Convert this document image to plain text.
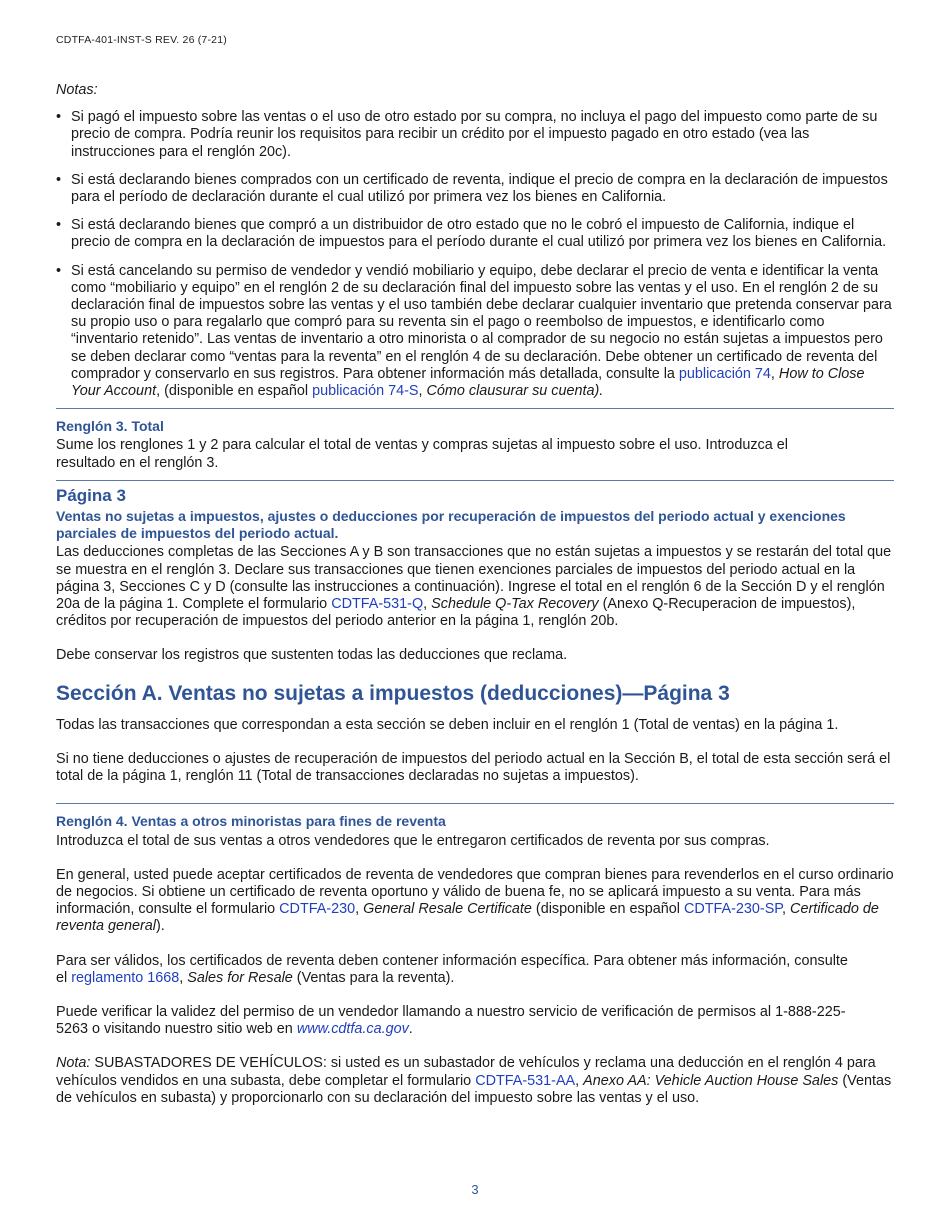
CDTFA-401-INST-S REV. 26 (7-21)

Notas:

• Si pagó el impuesto sobre las ventas o el uso de otro estado por su compra, no incluya el pago del impuesto como parte de su precio de compra. Podría reunir los requisitos para recibir un crédito por el impuesto pagado en otro estado (vea las instrucciones para el renglón 20c).
• Si está declarando bienes comprados con un certificado de reventa, indique el precio de compra en la declaración de impuestos para el período de declaración durante el cual utilizó por primera vez los bienes en California.
• Si está declarando bienes que compró a un distribuidor de otro estado que no le cobró el impuesto de California, indique el precio de compra en la declaración de impuestos para el período durante el cual utilizó por primera vez los bienes en California.
• Si está cancelando su permiso de vendedor y vendió mobiliario y equipo, debe declarar el precio de venta e identificar la venta como “mobiliario y equipo” en el renglón 2 de su declaración final del impuesto sobre las ventas y el uso. En el renglón 2 de su declaración final de impuestos sobre las ventas y el uso también debe declarar cualquier inventario que pretenda conservar para su propio uso o para regalarlo que compró para su reventa sin el pago o reembolso de impuestos, e identificarlo como “inventario retenido”. Las ventas de inventario a otro minorista o al comprador de su negocio no están sujetas a impuestos pero se deben declarar como “ventas para la reventa” en el renglón 4 de su declaración. Debe obtener un certificado de reventa del comprador y conservarlo en sus registros. Para obtener información más detallada, consulte la publicación 74, How to Close Your Account, (disponible en español publicación 74-S, Cómo clausurar su cuenta).

Renglón 3. Total

Sume los renglones 1 y 2 para calcular el total de ventas y compras sujetas al impuesto sobre el uso. Introduzca el resultado en el renglón 3.

Página 3

Ventas no sujetas a impuestos, ajustes o deducciones por recuperación de impuestos del periodo actual y exenciones parciales de impuestos del periodo actual.

Las deducciones completas de las Secciones A y B son transacciones que no están sujetas a impuestos y se restarán del total que se muestra en el renglón 3. Declare sus transacciones que tienen exenciones parciales de impuestos del periodo actual en la página 3, Secciones C y D (consulte las instrucciones a continuación). Ingrese el total en el renglón 6 de la Sección D y el renglón 20a de la página 1. Complete el formulario CDTFA-531-Q, Schedule Q-Tax Recovery (Anexo Q-Recuperacion de impuestos), créditos por recuperación de impuestos del periodo anterior en la página 1, renglón 20b.

Debe conservar los registros que sustenten todas las deducciones que reclama.

Sección A. Ventas no sujetas a impuestos (deducciones)—Página 3

Todas las transacciones que correspondan a esta sección se deben incluir en el renglón 1 (Total de ventas) en la página 1.

Si no tiene deducciones o ajustes de recuperación de impuestos del periodo actual en la Sección B, el total de esta sección será el total de la página 1, renglón 11 (Total de transacciones declaradas no sujetas a impuestos).

Renglón 4. Ventas a otros minoristas para fines de reventa

Introduzca el total de sus ventas a otros vendedores que le entregaron certificados de reventa por sus compras.

En general, usted puede aceptar certificados de reventa de vendedores que compran bienes para revenderlos en el curso ordinario de negocios. Si obtiene un certificado de reventa oportuno y válido de buena fe, no se aplicará impuesto a su venta. Para más información, consulte el formulario CDTFA-230, General Resale Certificate (disponible en español CDTFA-230-SP, Certificado de reventa general).

Para ser válidos, los certificados de reventa deben contener información específica. Para obtener más información, consulte el reglamento 1668, Sales for Resale (Ventas para la reventa).

Puede verificar la validez del permiso de un vendedor llamando a nuestro servicio de verificación de permisos al 1-888-225-5263 o visitando nuestro sitio web en www.cdtfa.ca.gov.

Nota: SUBASTADORES DE VEHÍCULOS: si usted es un subastador de vehículos y reclama una deducción en el renglón 4 para vehículos vendidos en una subasta, debe completar el formulario CDTFA-531-AA, Anexo AA: Vehicle Auction House Sales (Ventas de vehículos en subasta) y proporcionarlo con su declaración del impuesto sobre las ventas y el uso.

3
